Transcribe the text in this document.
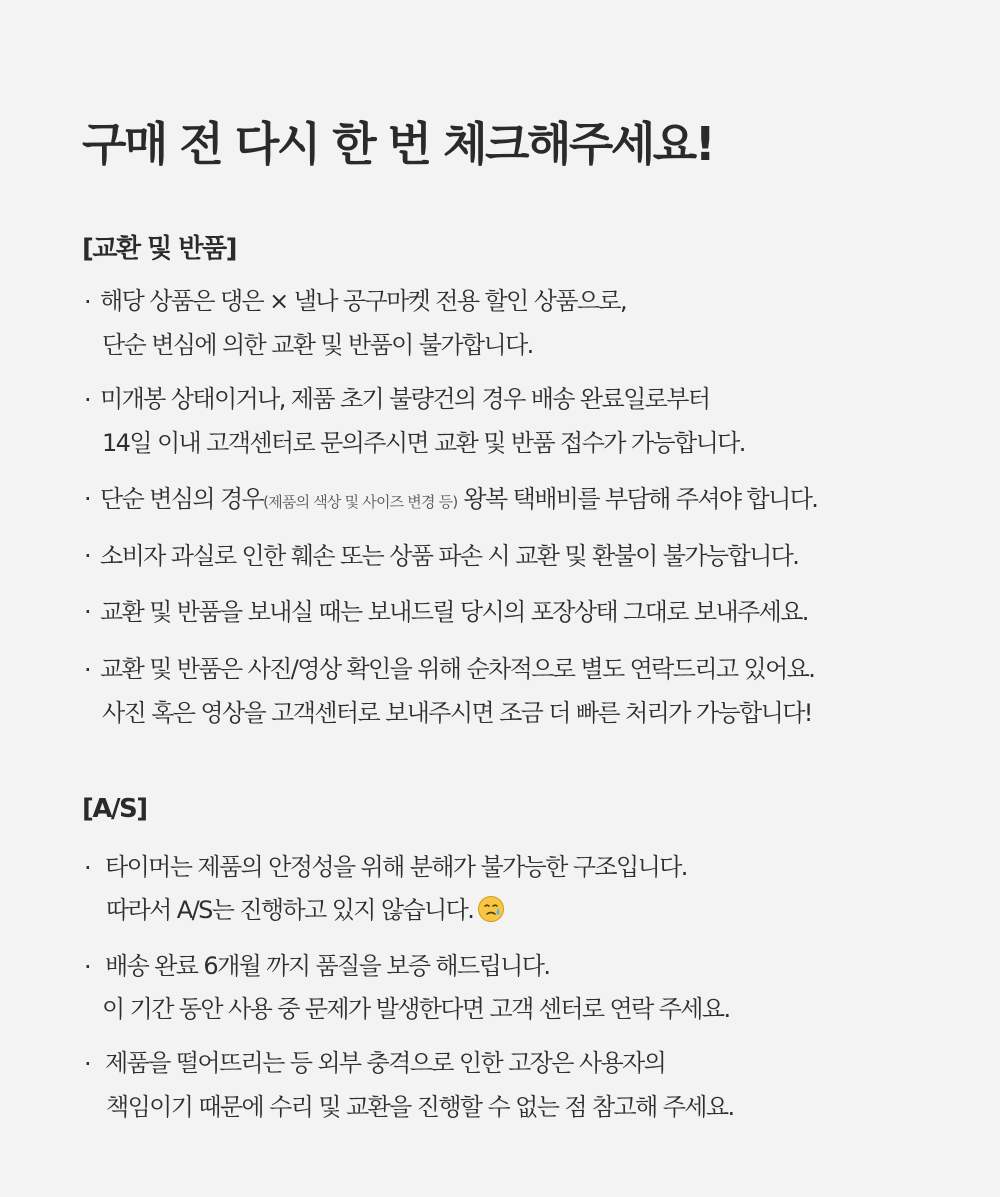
구매 전 다시 한 번 체크해주세요!
[교환 및 반품]
· 해당 상품은 댕은 × 낼나 공구마켓 전용 할인 상품으로,
단순 변심에 의한 교환 및 반품이 불가합니다.
· 미개봉 상태이거나, 제품 초기 불량건의 경우 배송 완료일로부터
14일 이내 고객센터로 문의주시면 교환 및 반품 접수가 가능합니다.
· 단순 변심의 경우(제품의 색상 및 사이즈 변경 등) 왕복 택배비를 부담해 주셔야 합니다.
· 소비자 과실로 인한 훼손 또는 상품 파손 시 교환 및 환불이 불가능합니다.
· 교환 및 반품을 보내실 때는 보내드릴 당시의 포장상태 그대로 보내주세요.
· 교환 및 반품은 사진/영상 확인을 위해 순차적으로 별도 연락드리고 있어요.
사진 혹은 영상을 고객센터로 보내주시면 조금 더 빠른 처리가 가능합니다!
[A/S]
· 타이머는 제품의 안정성을 위해 분해가 불가능한 구조입니다.
따라서 A/S는 진행하고 있지 않습니다.
· 배송 완료 6개월 까지 품질을 보증 해드립니다.
이 기간 동안 사용 중 문제가 발생한다면 고객 센터로 연락 주세요.
· 제품을 떨어뜨리는 등 외부 충격으로 인한 고장은 사용자의
책임이기 때문에 수리 및 교환을 진행할 수 없는 점 참고해 주세요.
